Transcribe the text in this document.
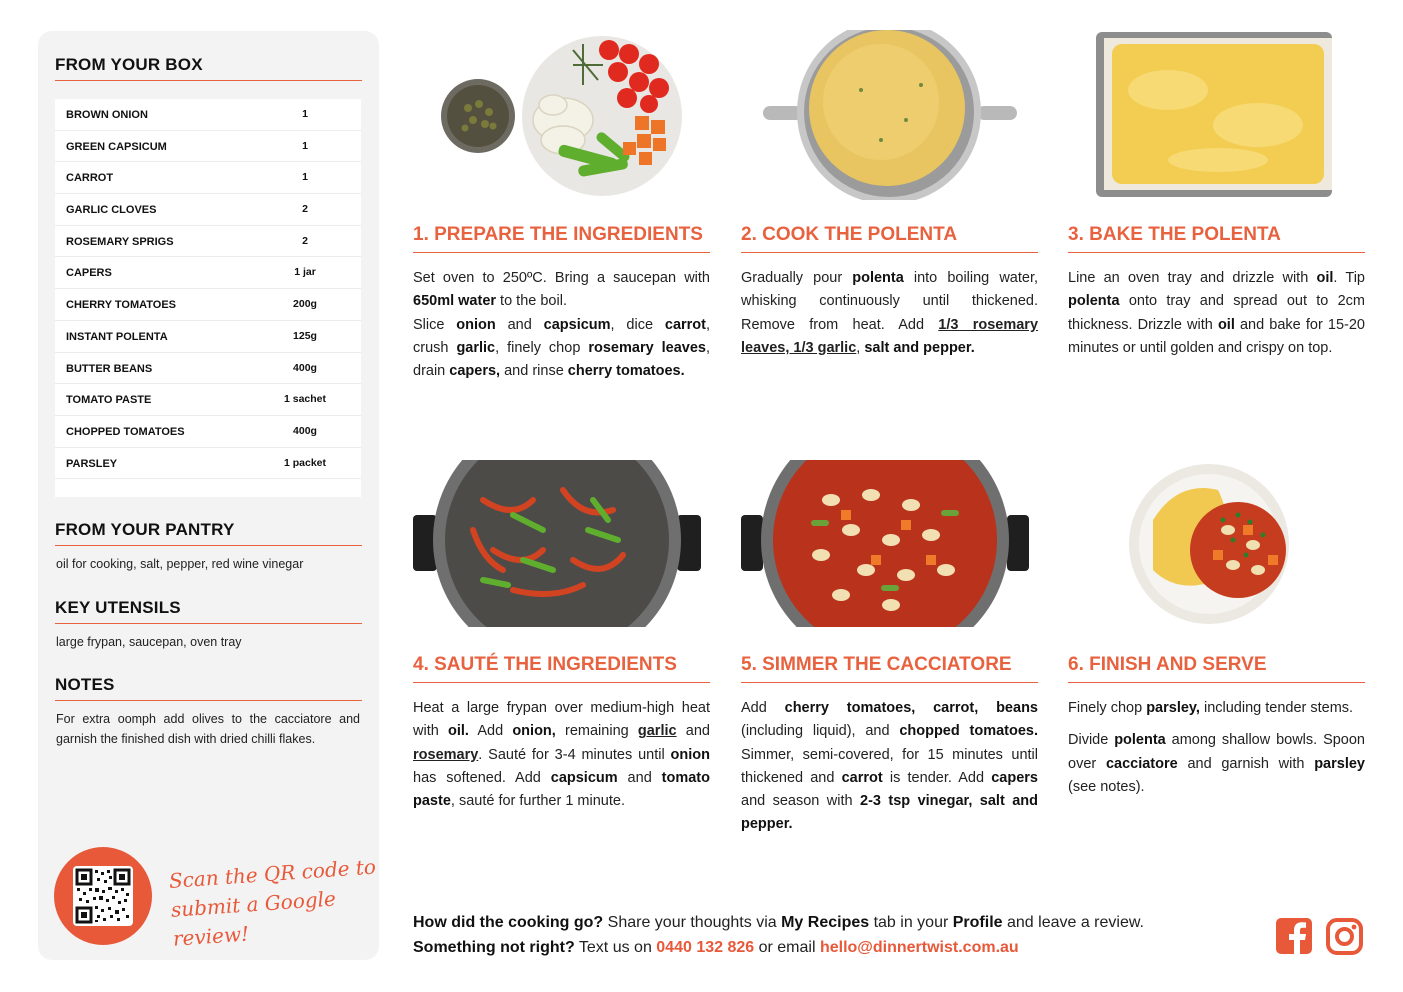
FROM YOUR BOX
BROWN ONION	1
GREEN CAPSICUM	1
CARROT	1
GARLIC CLOVES	2
ROSEMARY SPRIGS	2
CAPERS	1 jar
CHERRY TOMATOES	200g
INSTANT POLENTA	125g
BUTTER BEANS	400g
TOMATO PASTE	1 sachet
CHOPPED TOMATOES	400g
PARSLEY	1 packet
FROM YOUR PANTRY
oil for cooking, salt, pepper, red wine vinegar
KEY UTENSILS
large frypan, saucepan, oven tray
NOTES
For extra oomph add olives to the cacciatore and garnish the finished dish with dried chilli flakes.
Scan the QR code to
submit a Google review!
1. PREPARE THE INGREDIENTS

Set oven to 250ºC. Bring a saucepan with 650ml water to the boil.

Slice onion and capsicum, dice carrot, crush garlic, finely chop rosemary leaves, drain capers, and rinse cherry tomatoes.

2. COOK THE POLENTA

Gradually pour polenta into boiling water, whisking continuously until thickened. Remove from heat. Add 1/3 rosemary leaves, 1/3 garlic, salt and pepper.

3. BAKE THE POLENTA

Line an oven tray and drizzle with oil. Tip polenta onto tray and spread out to 2cm thickness. Drizzle with oil and bake for 15-20 minutes or until golden and crispy on top.

4. SAUTÉ THE INGREDIENTS

Heat a large frypan over medium-high heat with oil. Add onion, remaining garlic and rosemary. Sauté for 3-4 minutes until onion has softened. Add capsicum and tomato paste, sauté for further 1 minute.

5. SIMMER THE CACCIATORE

Add cherry tomatoes, carrot, beans (including liquid), and chopped tomatoes. Simmer, semi-covered, for 15 minutes until thickened and carrot is tender. Add capers and season with 2-3 tsp vinegar, salt and pepper.

6. FINISH AND SERVE

Finely chop parsley, including tender stems.

Divide polenta among shallow bowls. Spoon over cacciatore and garnish with parsley (see notes).

How did the cooking go? Share your thoughts via My Recipes tab in your Profile and leave a review.
Something not right? Text us on 0440 132 826 or email hello@dinnertwist.com.au
